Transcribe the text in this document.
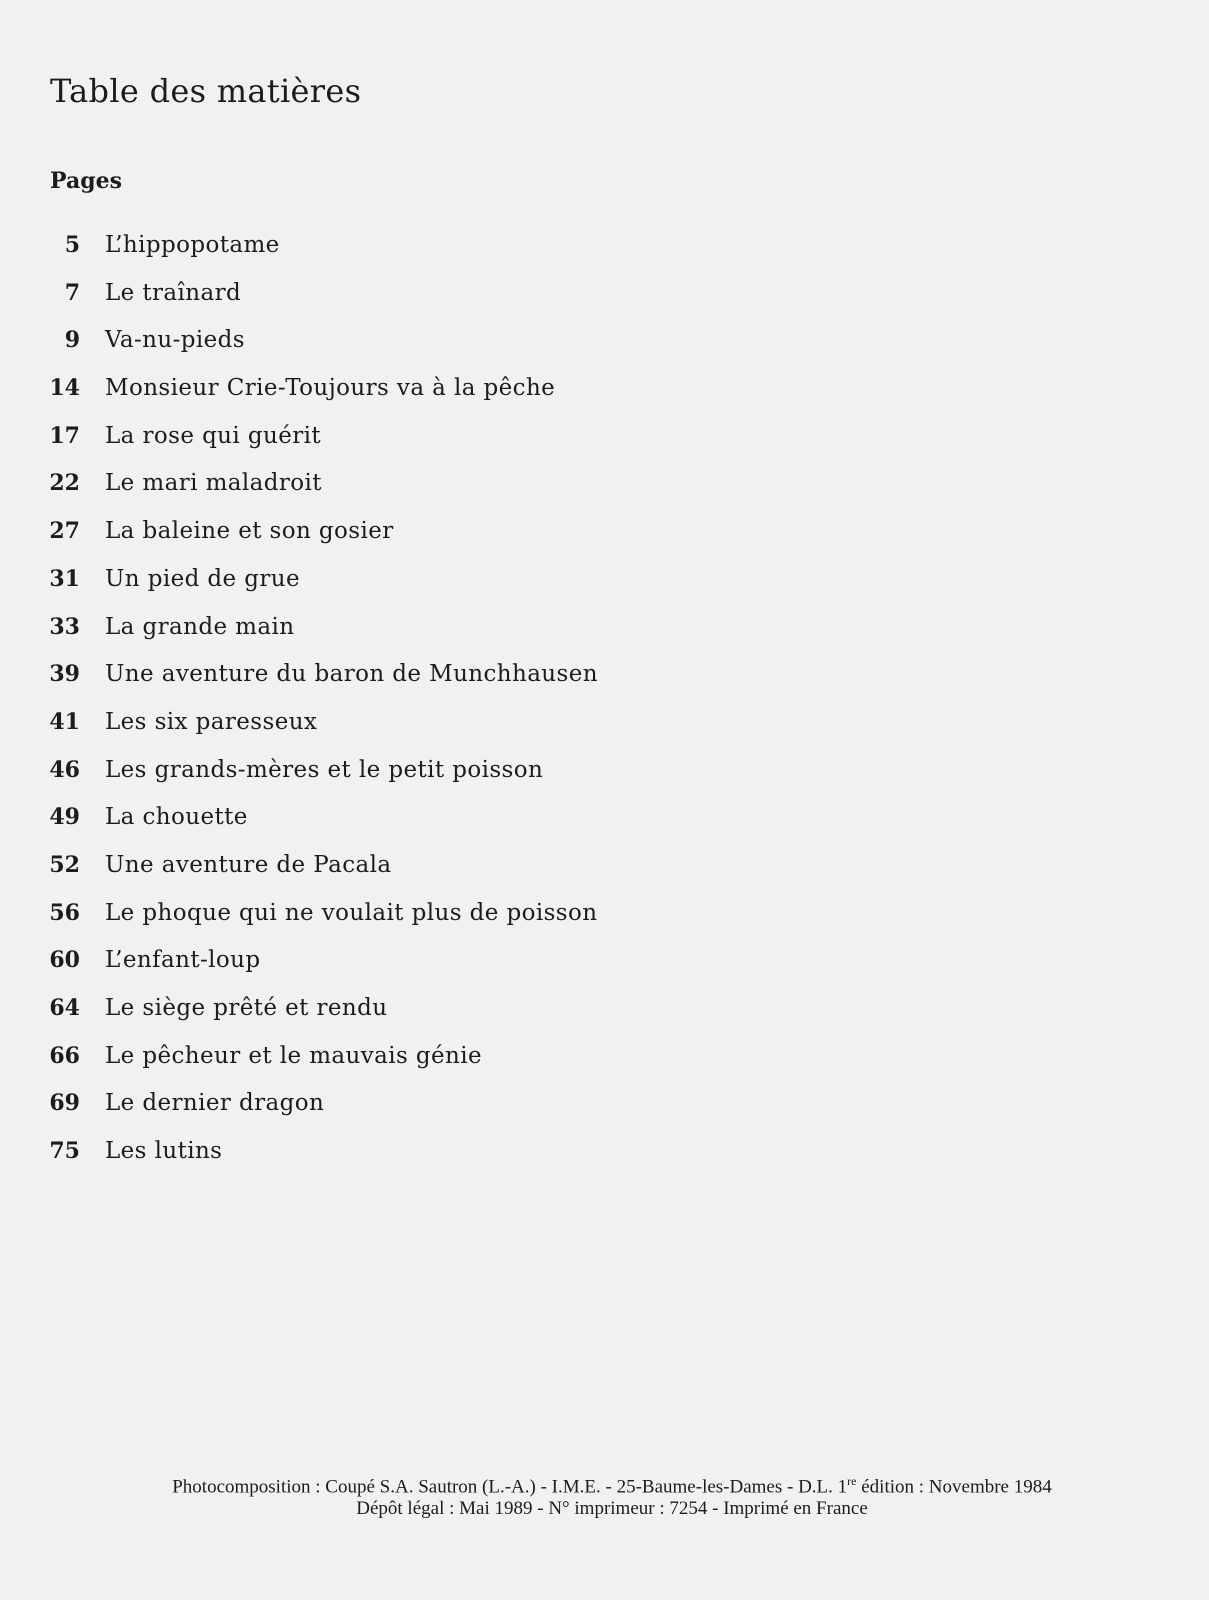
Table des matières
Pages
5 L’hippopotame
7 Le traînard
9 Va-nu-pieds
14 Monsieur Crie-Toujours va à la pêche
17 La rose qui guérit
22 Le mari maladroit
27 La baleine et son gosier
31 Un pied de grue
33 La grande main
39 Une aventure du baron de Munchhausen
41 Les six paresseux
46 Les grands-mères et le petit poisson
49 La chouette
52 Une aventure de Pacala
56 Le phoque qui ne voulait plus de poisson
60 L’enfant-loup
64 Le siège prêté et rendu
66 Le pêcheur et le mauvais génie
69 Le dernier dragon
75 Les lutins
Photocomposition : Coupé S.A. Sautron (L.-A.) - I.M.E. - 25-Baume-les-Dames - D.L. 1re édition : Novembre 1984
Dépôt légal : Mai 1989 - N° imprimeur : 7254 - Imprimé en France
